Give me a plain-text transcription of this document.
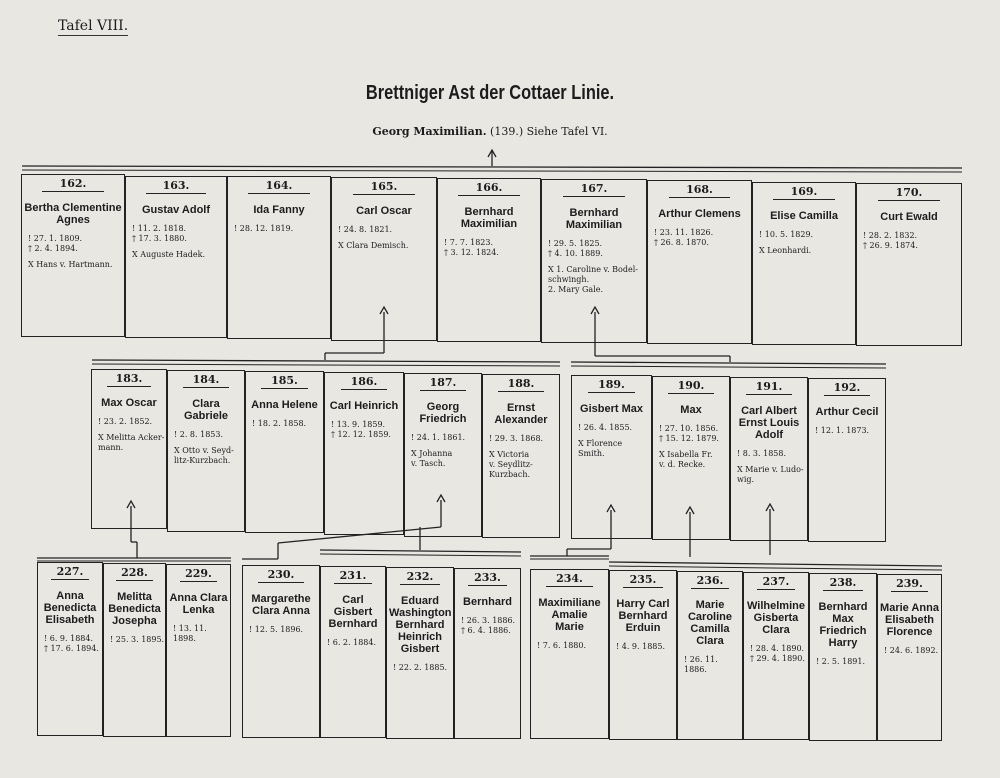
Tafel VIII.
Brettniger Ast der Cottaer Linie.
Georg Maximilian. (139.) Siehe Tafel VI.
162.
Bertha Clementine
Agnes
! 27. 1. 1809.
† 2. 4. 1894.
X Hans v. Hartmann.
163.
Gustav Adolf
! 11. 2. 1818.
† 17. 3. 1880.
X Auguste Hadek.
164.
Ida Fanny
! 28. 12. 1819.
165.
Carl Oscar
! 24. 8. 1821.
X Clara Demisch.
166.
Bernhard
Maximilian
! 7. 7. 1823.
† 3. 12. 1824.
167.
Bernhard
Maximilian
! 29. 5. 1825.
† 4. 10. 1889.
X 1. Caroline v. Bodel-
schwingh.
2. Mary Gale.
168.
Arthur Clemens
! 23. 11. 1826.
† 26. 8. 1870.
169.
Elise Camilla
! 10. 5. 1829.
X Leonhardi.
170.
Curt Ewald
! 28. 2. 1832.
† 26. 9. 1874.
183.
Max Oscar
! 23. 2. 1852.
X Melitta Acker-
mann.
184.
Clara Gabriele
! 2. 8. 1853.
X Otto v. Seyd-
litz-Kurzbach.
185.
Anna Helene
! 18. 2. 1858.
186.
Carl Heinrich
! 13. 9. 1859.
† 12. 12. 1859.
187.
Georg
Friedrich
! 24. 1. 1861.
X Johanna
v. Tasch.
188.
Ernst
Alexander
! 29. 3. 1868.
X Victoria
v. Seydlitz-
Kurzbach.
189.
Gisbert Max
! 26. 4. 1855.
X Florence
Smith.
190.
Max
! 27. 10. 1856.
† 15. 12. 1879.
X Isabella Fr.
v. d. Recke.
191.
Carl Albert
Ernst Louis
Adolf
! 8. 3. 1858.
X Marie v. Ludo-
wig.
192.
Arthur Cecil
! 12. 1. 1873.
227.
Anna
Benedicta
Elisabeth
! 6. 9. 1884.
† 17. 6. 1894.
228.
Melitta
Benedicta
Josepha
! 25. 3. 1895.
229.
Anna Clara
Lenka
! 13. 11. 1898.
230.
Margarethe
Clara Anna
! 12. 5. 1896.
231.
Carl
Gisbert
Bernhard
! 6. 2. 1884.
232.
Eduard
Washington
Bernhard
Heinrich
Gisbert
! 22. 2. 1885.
233.
Bernhard
! 26. 3. 1886.
† 6. 4. 1886.
234.
Maximiliane
Amalie
Marie
! 7. 6. 1880.
235.
Harry Carl
Bernhard
Erduin
! 4. 9. 1885.
236.
Marie
Caroline
Camilla
Clara
! 26. 11. 1886.
237.
Wilhelmine
Gisberta
Clara
! 28. 4. 1890.
† 29. 4. 1890.
238.
Bernhard
Max
Friedrich
Harry
! 2. 5. 1891.
239.
Marie Anna
Elisabeth
Florence
! 24. 6. 1892.
